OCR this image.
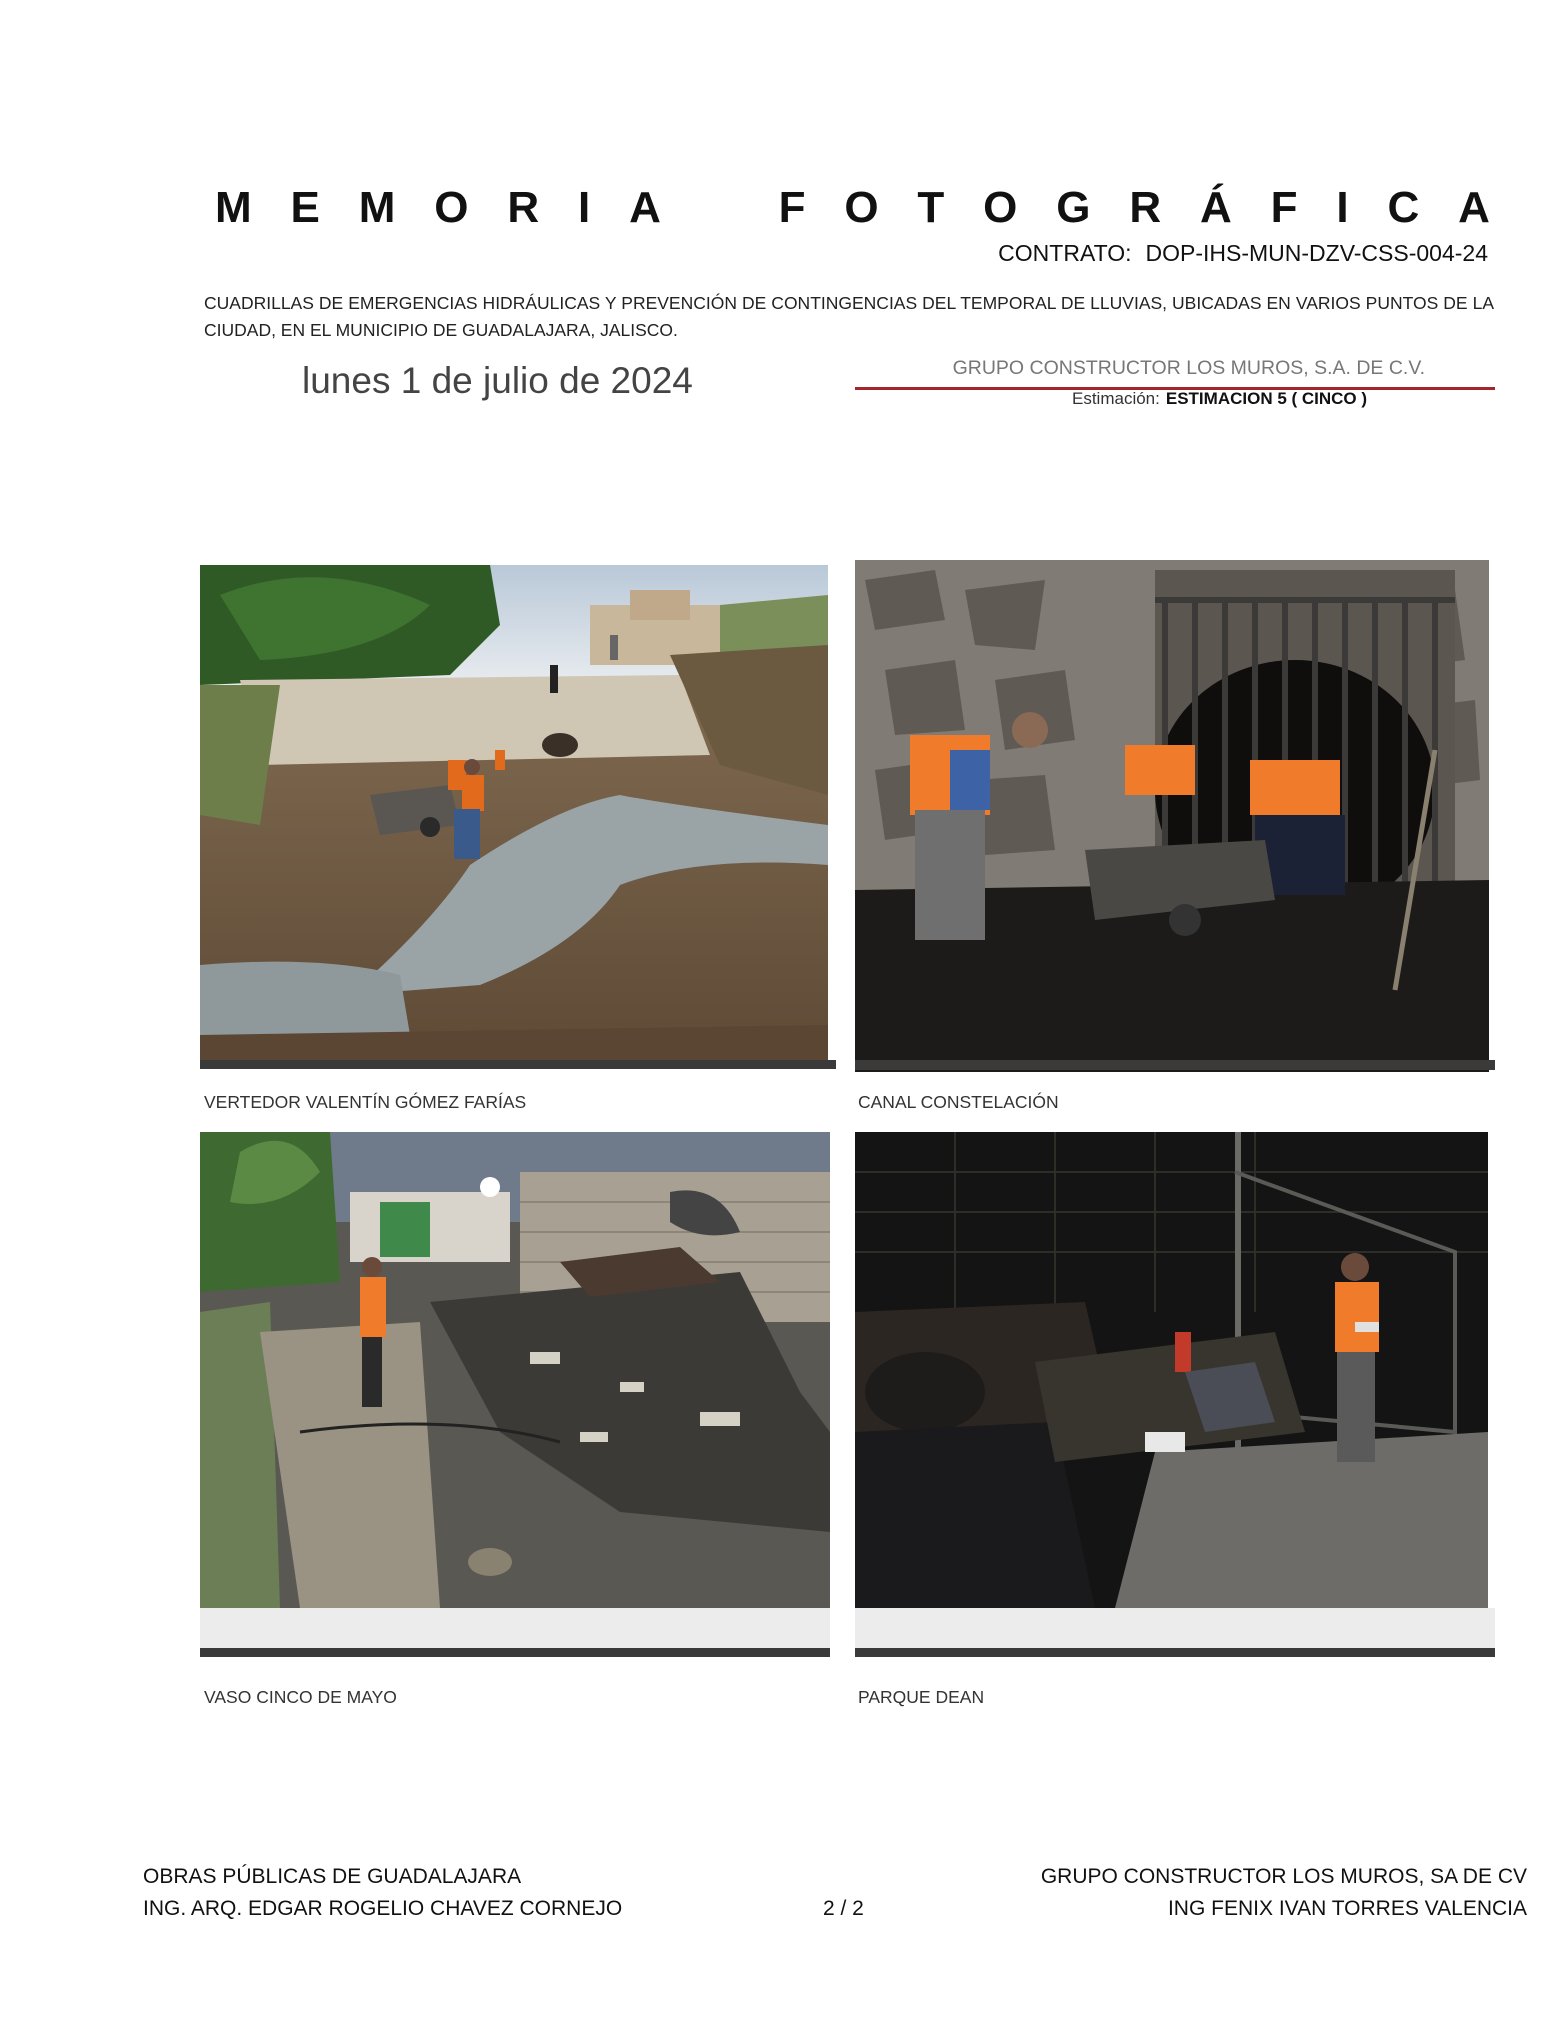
M E M O R I A	F O T O G R Á F I C A
CONTRATO: DOP-IHS-MUN-DZV-CSS-004-24
CUADRILLAS DE EMERGENCIAS HIDRÁULICAS Y PREVENCIÓN DE CONTINGENCIAS DEL TEMPORAL DE LLUVIAS, UBICADAS EN VARIOS PUNTOS DE LA CIUDAD, EN EL MUNICIPIO DE GUADALAJARA, JALISCO.
lunes 1 de julio de 2024	GRUPO CONSTRUCTOR LOS MUROS, S.A. DE C.V.
Estimación: ESTIMACION 5 ( CINCO )
VERTEDOR VALENTÍN GÓMEZ FARÍAS	CANAL CONSTELACIÓN
VASO CINCO DE MAYO	PARQUE DEAN
OBRAS PÚBLICAS DE GUADALAJARA
ING. ARQ. EDGAR ROGELIO CHAVEZ CORNEJO	2 / 2
GRUPO CONSTRUCTOR LOS MUROS, SA DE CV
ING FENIX IVAN TORRES VALENCIA
